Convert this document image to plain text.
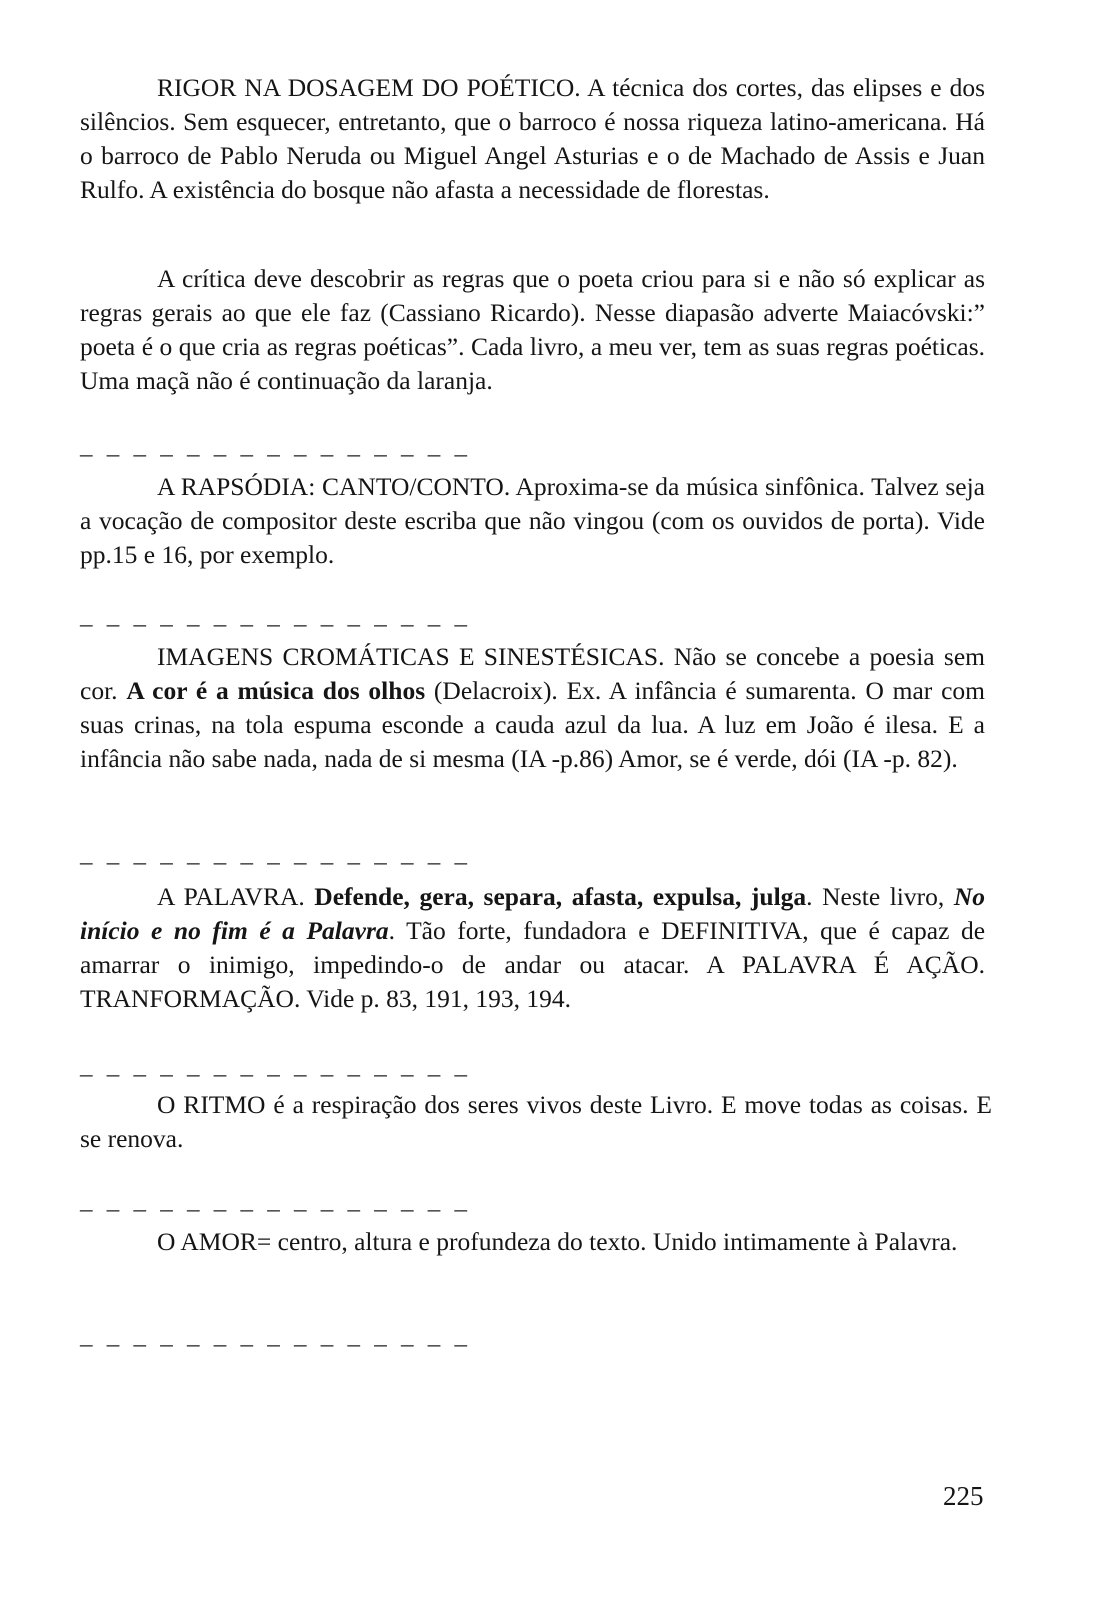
RIGOR NA DOSAGEM DO POÉTICO. A técnica dos cortes, das elipses e dos silêncios. Sem esquecer, entretanto, que o barroco é nossa riqueza latino-americana. Há o barroco de Pablo Neruda ou Miguel Angel Asturias e o de Machado de Assis e Juan Rulfo. A existência do bosque não afasta a necessidade de florestas.

A crítica deve descobrir as regras que o poeta criou para si e não só explicar as regras gerais ao que ele faz (Cassiano Ricardo). Nesse diapasão adverte Maiacóvski:” poeta é o que cria as regras poéticas”. Cada livro, a meu ver, tem as suas regras poéticas. Uma maçã não é continuação da laranja.

_ _ _ _ _ _ _ _ _ _ _ _ _ _ _

A RAPSÓDIA: CANTO/CONTO. Aproxima-se da música sinfônica. Talvez seja a vocação de compositor deste escriba que não vingou (com os ouvidos de porta). Vide pp.15 e 16, por exemplo.

_ _ _ _ _ _ _ _ _ _ _ _ _ _ _

IMAGENS CROMÁTICAS E SINESTÉSICAS. Não se concebe a poesia sem cor. A cor é a música dos olhos (Delacroix). Ex. A infância é sumarenta. O mar com suas crinas, na tola espuma esconde a cauda azul da lua. A luz em João é ilesa. E a infância não sabe nada, nada de si mesma (IA -p.86) Amor, se é verde, dói (IA -p. 82).

_ _ _ _ _ _ _ _ _ _ _ _ _ _ _

A PALAVRA. Defende, gera, separa, afasta, expulsa, julga. Neste livro, No início e no fim é a Palavra. Tão forte, fundadora e DEFINITIVA, que é capaz de amarrar o inimigo, impedindo-o de andar ou atacar. A PALAVRA É AÇÃO. TRANFORMAÇÃO. Vide p. 83, 191, 193, 194.

_ _ _ _ _ _ _ _ _ _ _ _ _ _ _

O RITMO é a respiração dos seres vivos deste Livro. E move todas as coisas. E se renova.

_ _ _ _ _ _ _ _ _ _ _ _ _ _ _

O AMOR= centro, altura e profundeza do texto. Unido intimamente à Palavra.

_ _ _ _ _ _ _ _ _ _ _ _ _ _ _
225
